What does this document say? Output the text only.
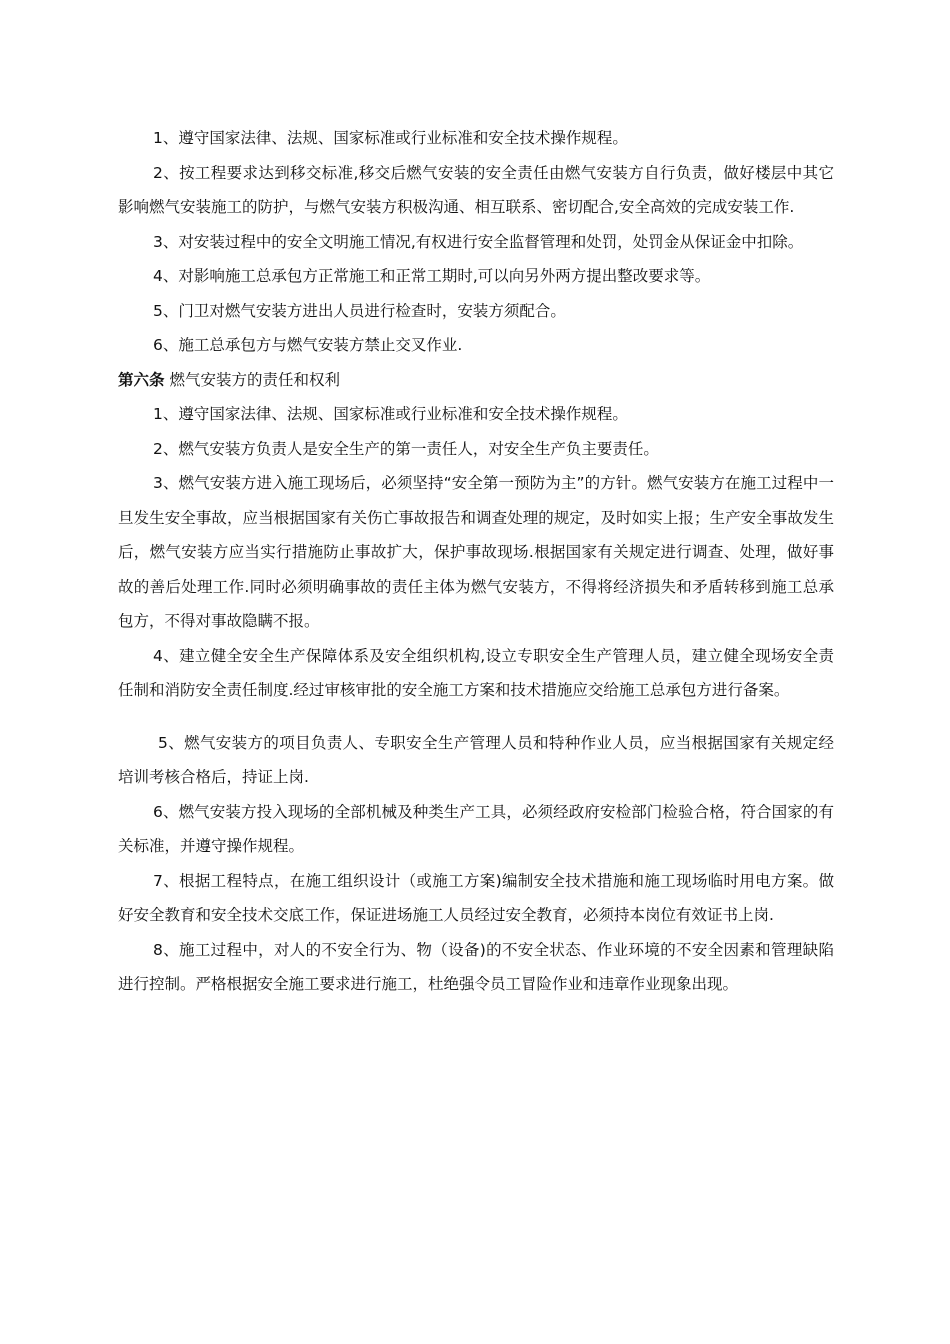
1、遵守国家法律、法规、国家标准或行业标准和安全技术操作规程。

2、按工程要求达到移交标准,移交后燃气安装的安全责任由燃气安装方自行负责，做好楼层中其它影响燃气安装施工的防护，与燃气安装方积极沟通、相互联系、密切配合,安全高效的完成安装工作.

3、对安装过程中的安全文明施工情况,有权进行安全监督管理和处罚，处罚金从保证金中扣除。

4、对影响施工总承包方正常施工和正常工期时,可以向另外两方提出整改要求等。

5、门卫对燃气安装方进出人员进行检查时，安装方须配合。

6、施工总承包方与燃气安装方禁止交叉作业.

第六条 燃气安装方的责任和权利

1、遵守国家法律、法规、国家标准或行业标准和安全技术操作规程。

2、燃气安装方负责人是安全生产的第一责任人，对安全生产负主要责任。

3、燃气安装方进入施工现场后，必须坚持“安全第一预防为主”的方针。燃气安装方在施工过程中一旦发生安全事故，应当根据国家有关伤亡事故报告和调查处理的规定，及时如实上报；生产安全事故发生后，燃气安装方应当实行措施防止事故扩大，保护事故现场.根据国家有关规定进行调查、处理，做好事故的善后处理工作.同时必须明确事故的责任主体为燃气安装方，不得将经济损失和矛盾转移到施工总承包方，不得对事故隐瞒不报。

4、建立健全安全生产保障体系及安全组织机构,设立专职安全生产管理人员，建立健全现场安全责任制和消防安全责任制度.经过审核审批的安全施工方案和技术措施应交给施工总承包方进行备案。

5、燃气安装方的项目负责人、专职安全生产管理人员和特种作业人员，应当根据国家有关规定经培训考核合格后，持证上岗.

6、燃气安装方投入现场的全部机械及种类生产工具，必须经政府安检部门检验合格，符合国家的有关标准，并遵守操作规程。

7、根据工程特点，在施工组织设计（或施工方案)编制安全技术措施和施工现场临时用电方案。做好安全教育和安全技术交底工作，保证进场施工人员经过安全教育，必须持本岗位有效证书上岗.

8、施工过程中，对人的不安全行为、物（设备)的不安全状态、作业环境的不安全因素和管理缺陷进行控制。严格根据安全施工要求进行施工，杜绝强令员工冒险作业和违章作业现象出现。
